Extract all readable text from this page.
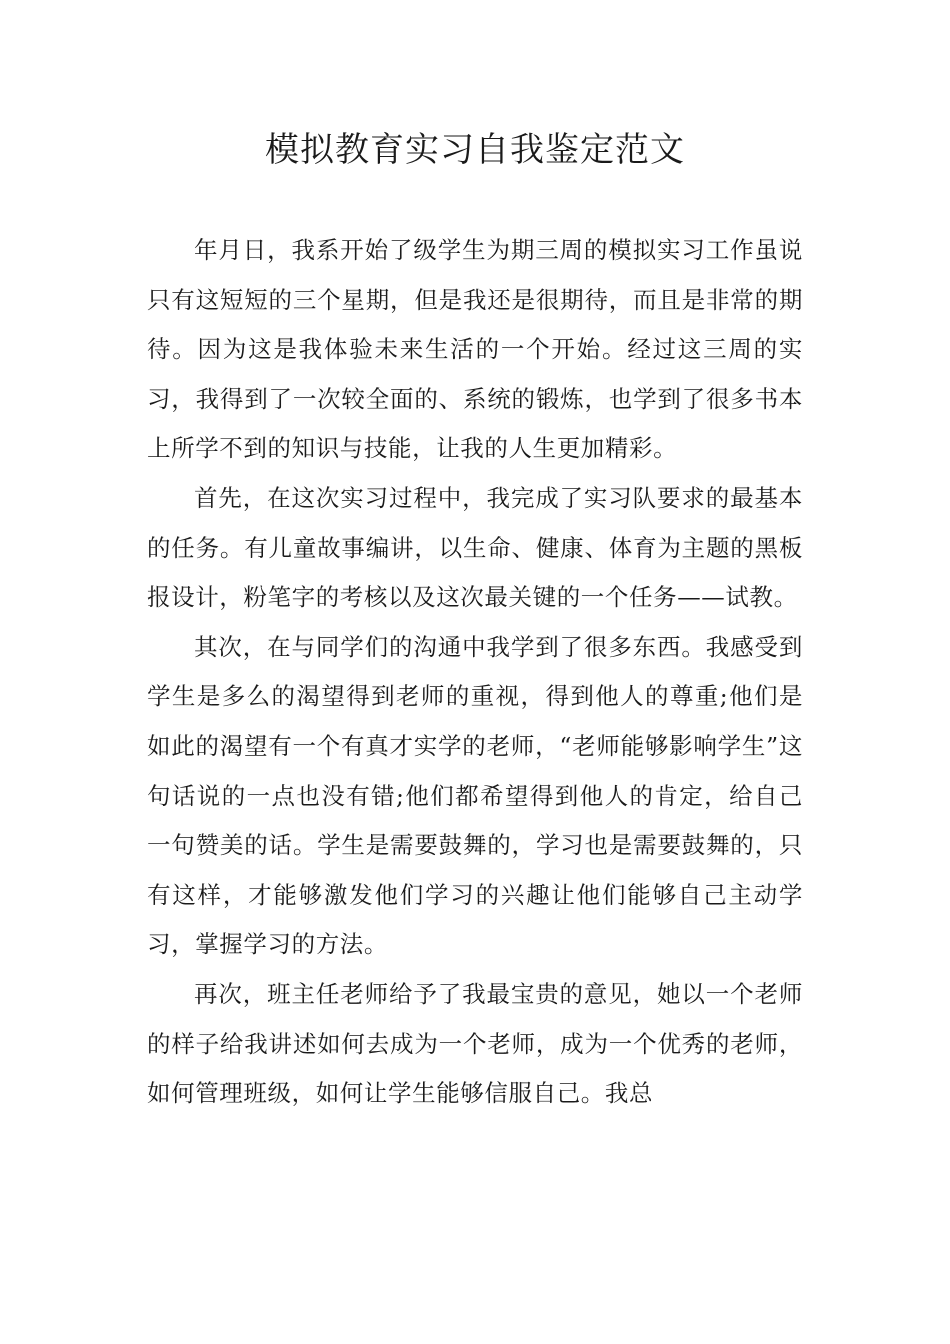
模拟教育实习自我鉴定范文

年月日，我系开始了级学生为期三周的模拟实习工作虽说只有这短短的三个星期，但是我还是很期待，而且是非常的期待。因为这是我体验未来生活的一个开始。经过这三周的实习，我得到了一次较全面的、系统的锻炼，也学到了很多书本上所学不到的知识与技能，让我的人生更加精彩。

首先，在这次实习过程中，我完成了实习队要求的最基本的任务。有儿童故事编讲，以生命、健康、体育为主题的黑板报设计，粉笔字的考核以及这次最关键的一个任务——试教。

其次，在与同学们的沟通中我学到了很多东西。我感受到学生是多么的渴望得到老师的重视，得到他人的尊重;他们是如此的渴望有一个有真才实学的老师，“老师能够影响学生”这句话说的一点也没有错;他们都希望得到他人的肯定，给自己一句赞美的话。学生是需要鼓舞的，学习也是需要鼓舞的，只有这样，才能够激发他们学习的兴趣让他们能够自己主动学习，掌握学习的方法。

再次，班主任老师给予了我最宝贵的意见，她以一个老师的样子给我讲述如何去成为一个老师，成为一个优秀的老师，如何管理班级，如何让学生能够信服自己。我总
